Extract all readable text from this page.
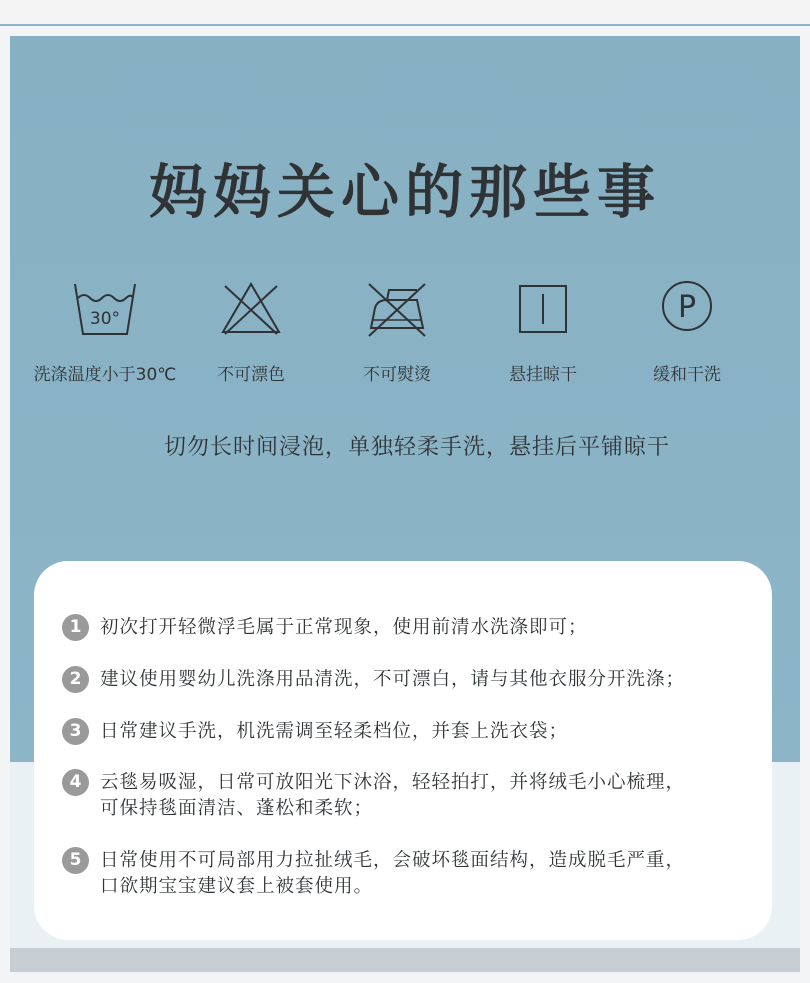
妈妈关心的那些事
30°
洗涤温度小于30℃	不可漂色	不可熨烫	悬挂晾干
P
缓和干洗
切勿长时间浸泡，单独轻柔手洗，悬挂后平铺晾干
1	初次打开轻微浮毛属于正常现象，使用前清水洗涤即可；
2	建议使用婴幼儿洗涤用品清洗，不可漂白，请与其他衣服分开洗涤；
3	日常建议手洗，机洗需调至轻柔档位，并套上洗衣袋；
4	云毯易吸湿，日常可放阳光下沐浴，轻轻拍打，并将绒毛小心梳理，
可保持毯面清洁、蓬松和柔软；
5	日常使用不可局部用力拉扯绒毛，会破坏毯面结构，造成脱毛严重，
口欲期宝宝建议套上被套使用。
